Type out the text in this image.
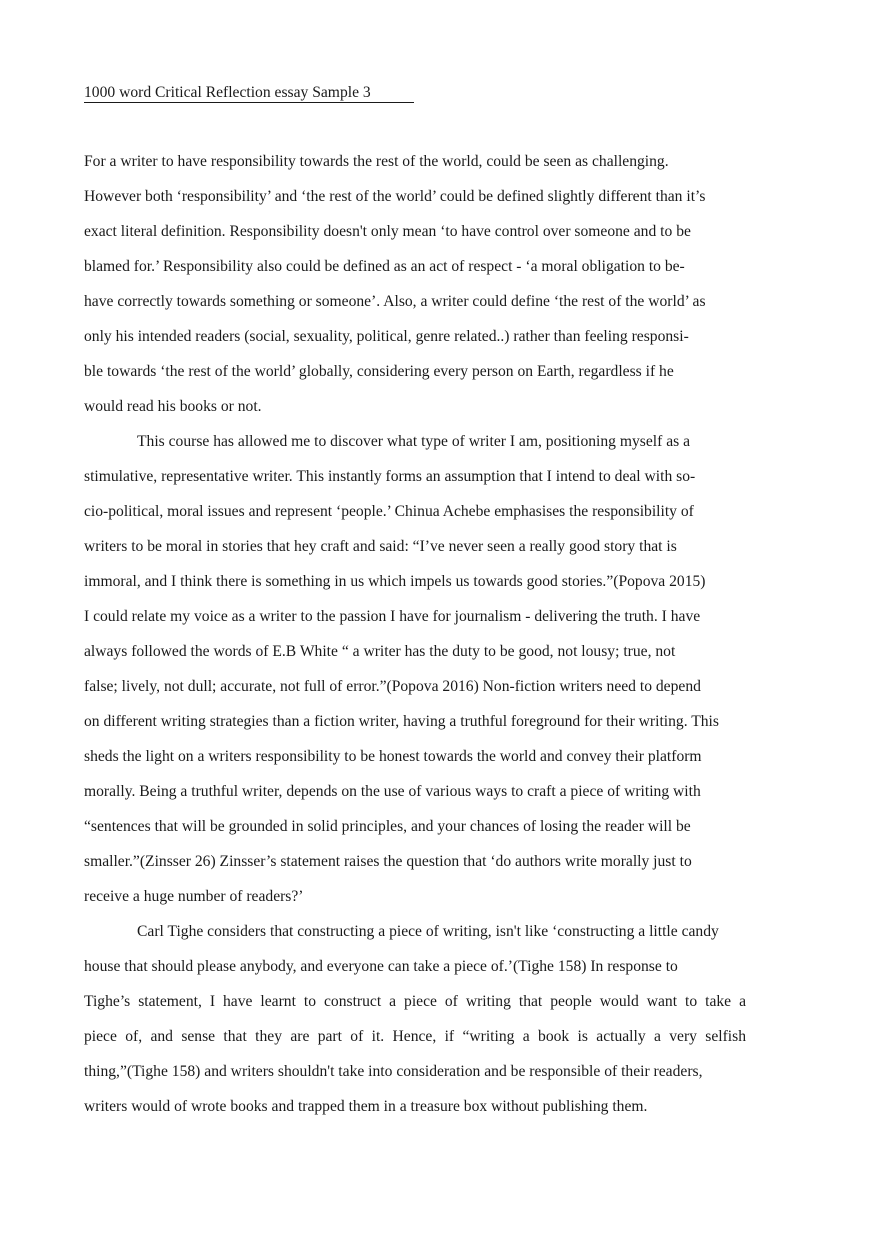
1000 word Critical Reflection essay Sample 3
For a writer to have responsibility towards the rest of the world, could be seen as challenging.
However both ‘responsibility’ and ‘the rest of the world’ could be defined slightly different than it’s
exact literal definition. Responsibility doesn't only mean ‘to have control over someone and to be
blamed for.’ Responsibility also could be defined as an act of respect - ‘a moral obligation to be-
have correctly towards something or someone’. Also, a writer could define ‘the rest of the world’ as
only his intended readers (social, sexuality, political, genre related..) rather than feeling responsi-
ble towards ‘the rest of the world’ globally, considering every person on Earth, regardless if he
would read his books or not.
This course has allowed me to discover what type of writer I am, positioning myself as a
stimulative, representative writer. This instantly forms an assumption that I intend to deal with so-
cio-political, moral issues and represent ‘people.’ Chinua Achebe emphasises the responsibility of
writers to be moral in stories that hey craft and said: “I’ve never seen a really good story that is
immoral, and I think there is something in us which impels us towards good stories.”(Popova 2015)
I could relate my voice as a writer to the passion I have for journalism - delivering the truth. I have
always followed the words of E.B White “ a writer has the duty to be good, not lousy; true, not
false; lively, not dull; accurate, not full of error.”(Popova 2016) Non-fiction writers need to depend
on different writing strategies than a fiction writer, having a truthful foreground for their writing. This
sheds the light on a writers responsibility to be honest towards the world and convey their platform
morally. Being a truthful writer, depends on the use of various ways to craft a piece of writing with
“sentences that will be grounded in solid principles, and your chances of losing the reader will be
smaller.”(Zinsser 26) Zinsser’s statement raises the question that ‘do authors write morally just to
receive a huge number of readers?’
Carl Tighe considers that constructing a piece of writing, isn't like ‘constructing a little candy
house that should please anybody, and everyone can take a piece of.’(Tighe 158) In response to
Tighe’s statement, I have learnt to construct a piece of writing that people would want to take a
piece of, and sense that they are part of it. Hence, if “writing a book is actually a very selfish
thing,”(Tighe 158) and writers shouldn't take into consideration and be responsible of their readers,
writers would of wrote books and trapped them in a treasure box without publishing them.
